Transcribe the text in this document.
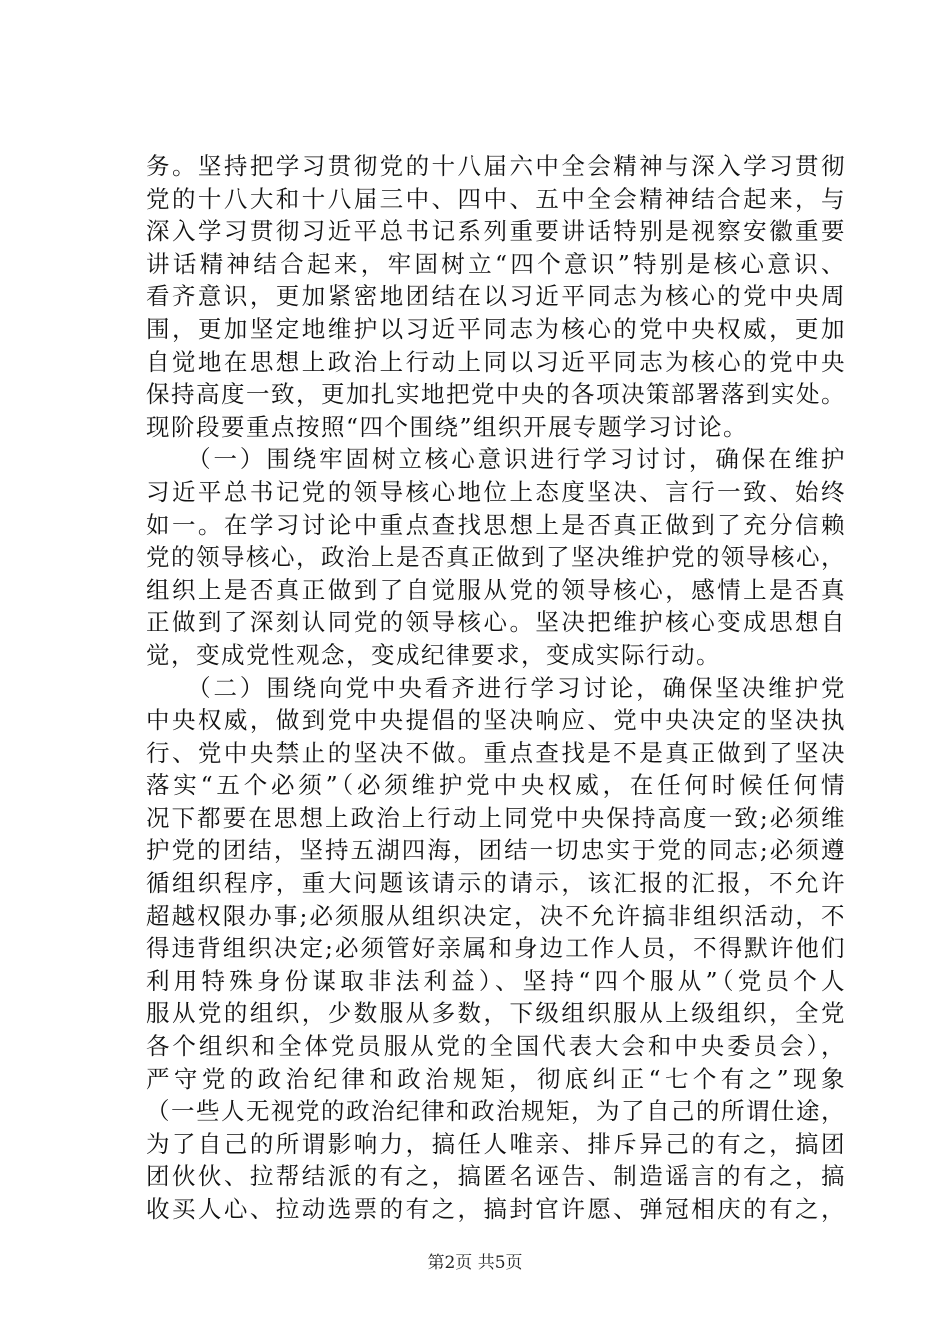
务。坚持把学习贯彻党的十八届六中全会精神与深入学习贯彻
党的十八大和十八届三中、四中、五中全会精神结合起来，与
深入学习贯彻习近平总书记系列重要讲话特别是视察安徽重要
讲话精神结合起来，牢固树立“四个意识”特别是核心意识、
看齐意识，更加紧密地团结在以习近平同志为核心的党中央周
围，更加坚定地维护以习近平同志为核心的党中央权威，更加
自觉地在思想上政治上行动上同以习近平同志为核心的党中央
保持高度一致，更加扎实地把党中央的各项决策部署落到实处。
现阶段要重点按照“四个围绕”组织开展专题学习讨论。
　　（一）围绕牢固树立核心意识进行学习讨讨，确保在维护
习近平总书记党的领导核心地位上态度坚决、言行一致、始终
如一。在学习讨论中重点查找思想上是否真正做到了充分信赖
党的领导核心，政治上是否真正做到了坚决维护党的领导核心，
组织上是否真正做到了自觉服从党的领导核心，感情上是否真
正做到了深刻认同党的领导核心。坚决把维护核心变成思想自
觉，变成党性观念，变成纪律要求，变成实际行动。
　　（二）围绕向党中央看齐进行学习讨论，确保坚决维护党
中央权威，做到党中央提倡的坚决响应、党中央决定的坚决执
行、党中央禁止的坚决不做。重点查找是不是真正做到了坚决
落实“五个必须”（必须维护党中央权威，在任何时候任何情
况下都要在思想上政治上行动上同党中央保持高度一致;必须维
护党的团结，坚持五湖四海，团结一切忠实于党的同志;必须遵
循组织程序，重大问题该请示的请示，该汇报的汇报，不允许
超越权限办事;必须服从组织决定，决不允许搞非组织活动，不
得违背组织决定;必须管好亲属和身边工作人员，不得默许他们
利用特殊身份谋取非法利益）、坚持“四个服从”（党员个人
服从党的组织，少数服从多数，下级组织服从上级组织，全党
各个组织和全体党员服从党的全国代表大会和中央委员会），
严守党的政治纪律和政治规矩，彻底纠正“七个有之”现象
（一些人无视党的政治纪律和政治规矩，为了自己的所谓仕途，
为了自己的所谓影响力，搞任人唯亲、排斥异己的有之，搞团
团伙伙、拉帮结派的有之，搞匿名诬告、制造谣言的有之，搞
收买人心、拉动选票的有之，搞封官许愿、弹冠相庆的有之，
第2页 共5页
